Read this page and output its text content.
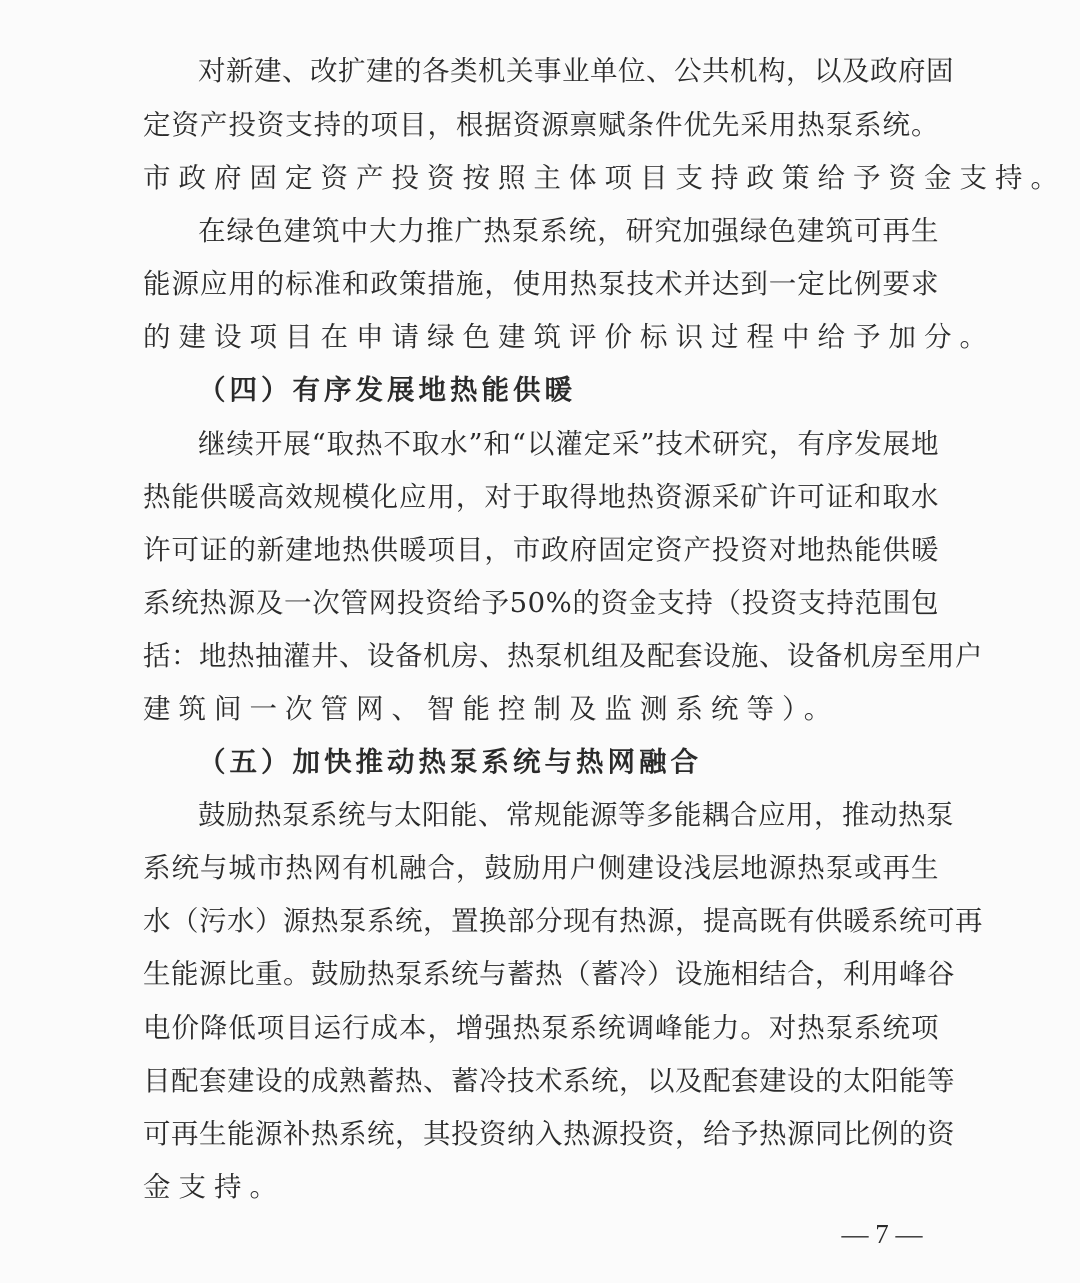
对新建、改扩建的各类机关事业单位、公共机构，以及政府固
定资产投资支持的项目，根据资源禀赋条件优先采用热泵系统。
市政府固定资产投资按照主体项目支持政策给予资金支持。
在绿色建筑中大力推广热泵系统，研究加强绿色建筑可再生
能源应用的标准和政策措施，使用热泵技术并达到一定比例要求
的建设项目在申请绿色建筑评价标识过程中给予加分。
（四）有序发展地热能供暖
继续开展“取热不取水”和“以灌定采”技术研究，有序发展地
热能供暖高效规模化应用，对于取得地热资源采矿许可证和取水
许可证的新建地热供暖项目，市政府固定资产投资对地热能供暖
系统热源及一次管网投资给予50%的资金支持（投资支持范围包
括：地热抽灌井、设备机房、热泵机组及配套设施、设备机房至用户
建筑间一次管网、智能控制及监测系统等）。
（五）加快推动热泵系统与热网融合
鼓励热泵系统与太阳能、常规能源等多能耦合应用，推动热泵
系统与城市热网有机融合，鼓励用户侧建设浅层地源热泵或再生
水（污水）源热泵系统，置换部分现有热源，提高既有供暖系统可再
生能源比重。鼓励热泵系统与蓄热（蓄冷）设施相结合，利用峰谷
电价降低项目运行成本，增强热泵系统调峰能力。对热泵系统项
目配套建设的成熟蓄热、蓄冷技术系统，以及配套建设的太阳能等
可再生能源补热系统，其投资纳入热源投资，给予热源同比例的资
金支持。
— 7 —
